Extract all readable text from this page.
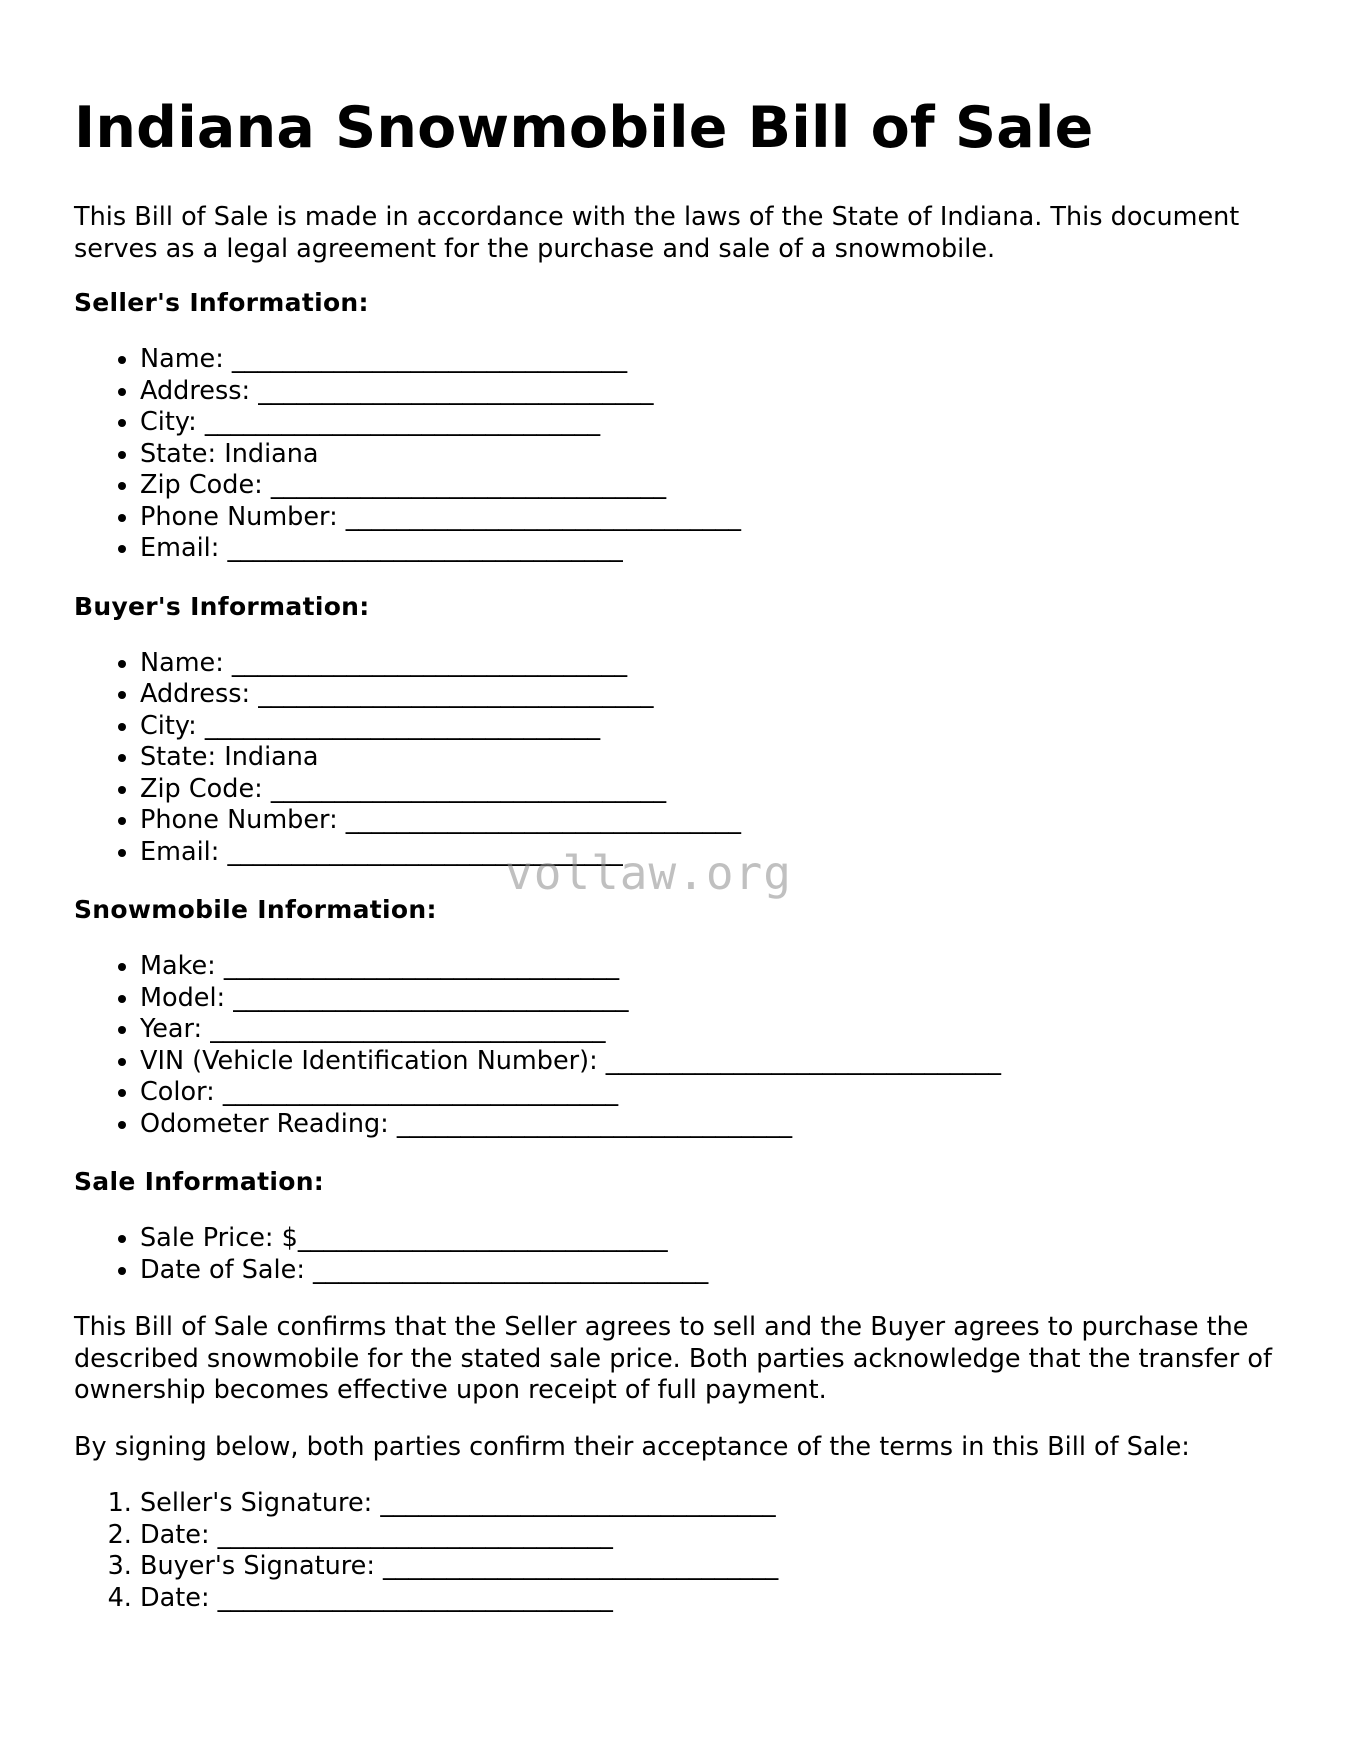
Indiana Snowmobile Bill of Sale

This Bill of Sale is made in accordance with the laws of the State of Indiana. This document serves as a legal agreement for the purchase and sale of a snowmobile.

Seller's Information:
• Name: _______________________________
• Address: _______________________________
• City: _______________________________
• State: Indiana
• Zip Code: _______________________________
• Phone Number: _______________________________
• Email: _______________________________
Buyer's Information:
• Name: _______________________________
• Address: _______________________________
• City: _______________________________
• State: Indiana
• Zip Code: _______________________________
• Phone Number: _______________________________
• Email: _______________________________
Snowmobile Information:
• Make: _______________________________
• Model: _______________________________
• Year: _______________________________
• VIN (Vehicle Identification Number): _______________________________
• Color: _______________________________
• Odometer Reading: _______________________________
Sale Information:
• Sale Price: $_____________________________
• Date of Sale: _______________________________

This Bill of Sale confirms that the Seller agrees to sell and the Buyer agrees to purchase the described snowmobile for the stated sale price. Both parties acknowledge that the transfer of ownership becomes effective upon receipt of full payment.

By signing below, both parties confirm their acceptance of the terms in this Bill of Sale:

1. Seller's Signature: _______________________________
2. Date: _______________________________
3. Buyer's Signature: _______________________________
4. Date: _______________________________
vollaw.org
